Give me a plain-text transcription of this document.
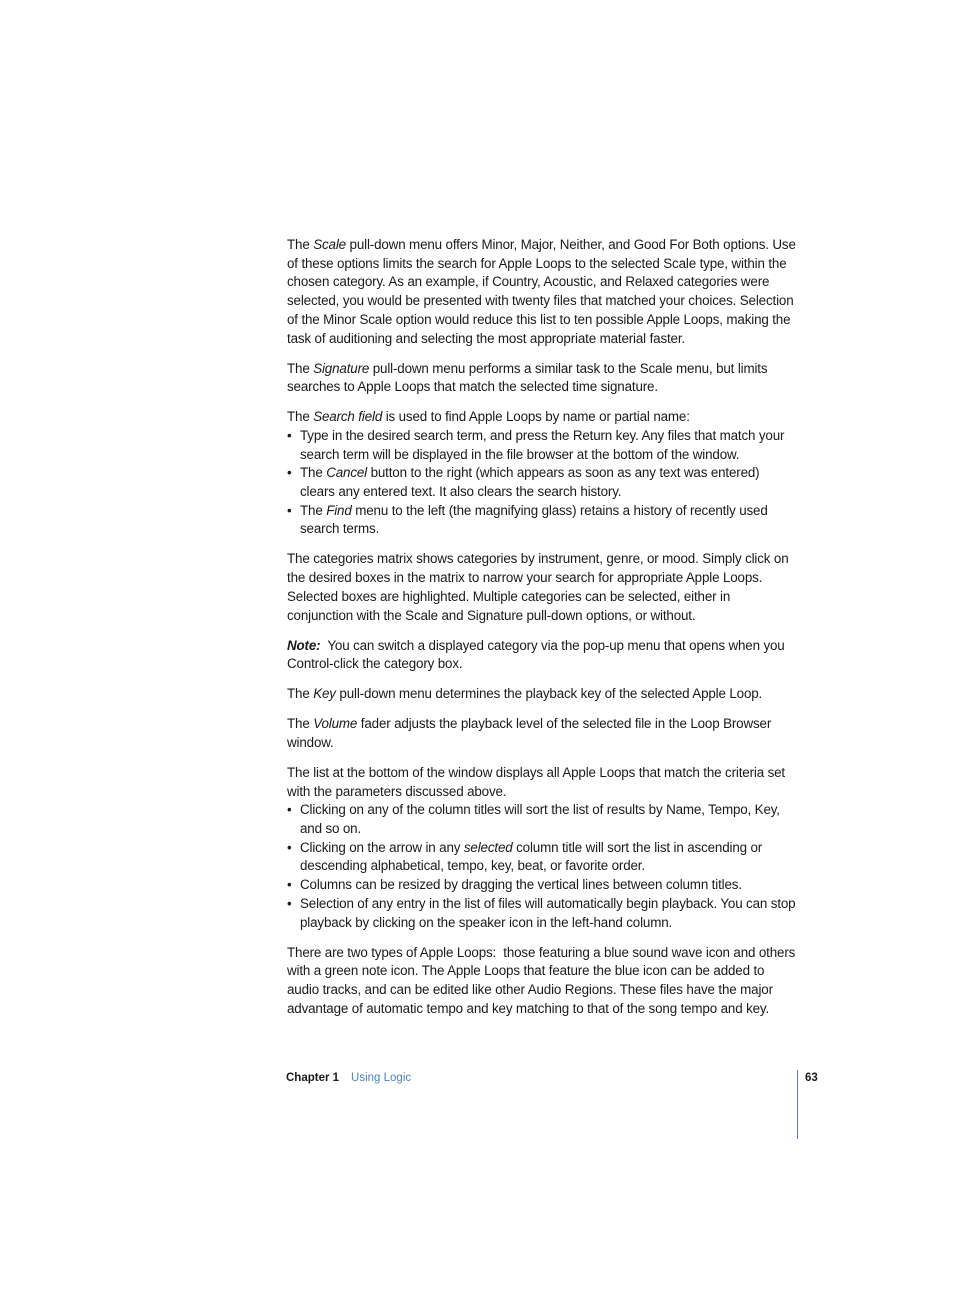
The Scale pull-down menu offers Minor, Major, Neither, and Good For Both options. Use of these options limits the search for Apple Loops to the selected Scale type, within the chosen category. As an example, if Country, Acoustic, and Relaxed categories were selected, you would be presented with twenty files that matched your choices. Selection of the Minor Scale option would reduce this list to ten possible Apple Loops, making the task of auditioning and selecting the most appropriate material faster.

The Signature pull-down menu performs a similar task to the Scale menu, but limits searches to Apple Loops that match the selected time signature.

The Search field is used to find Apple Loops by name or partial name:

• Type in the desired search term, and press the Return key. Any files that match your search term will be displayed in the file browser at the bottom of the window.
• The Cancel button to the right (which appears as soon as any text was entered) clears any entered text. It also clears the search history.
• The Find menu to the left (the magnifying glass) retains a history of recently used search terms.

The categories matrix shows categories by instrument, genre, or mood. Simply click on the desired boxes in the matrix to narrow your search for appropriate Apple Loops. Selected boxes are highlighted. Multiple categories can be selected, either in conjunction with the Scale and Signature pull-down options, or without.

Note:  You can switch a displayed category via the pop-up menu that opens when you Control-click the category box.

The Key pull-down menu determines the playback key of the selected Apple Loop.

The Volume fader adjusts the playback level of the selected file in the Loop Browser window.

The list at the bottom of the window displays all Apple Loops that match the criteria set with the parameters discussed above.

• Clicking on any of the column titles will sort the list of results by Name, Tempo, Key, and so on.
• Clicking on the arrow in any selected column title will sort the list in ascending or descending alphabetical, tempo, key, beat, or favorite order.
• Columns can be resized by dragging the vertical lines between column titles.
• Selection of any entry in the list of files will automatically begin playback. You can stop playback by clicking on the speaker icon in the left-hand column.

There are two types of Apple Loops:  those featuring a blue sound wave icon and others with a green note icon. The Apple Loops that feature the blue icon can be added to audio tracks, and can be edited like other Audio Regions. These files have the major advantage of automatic tempo and key matching to that of the song tempo and key.

Chapter 1 Using Logic	63
